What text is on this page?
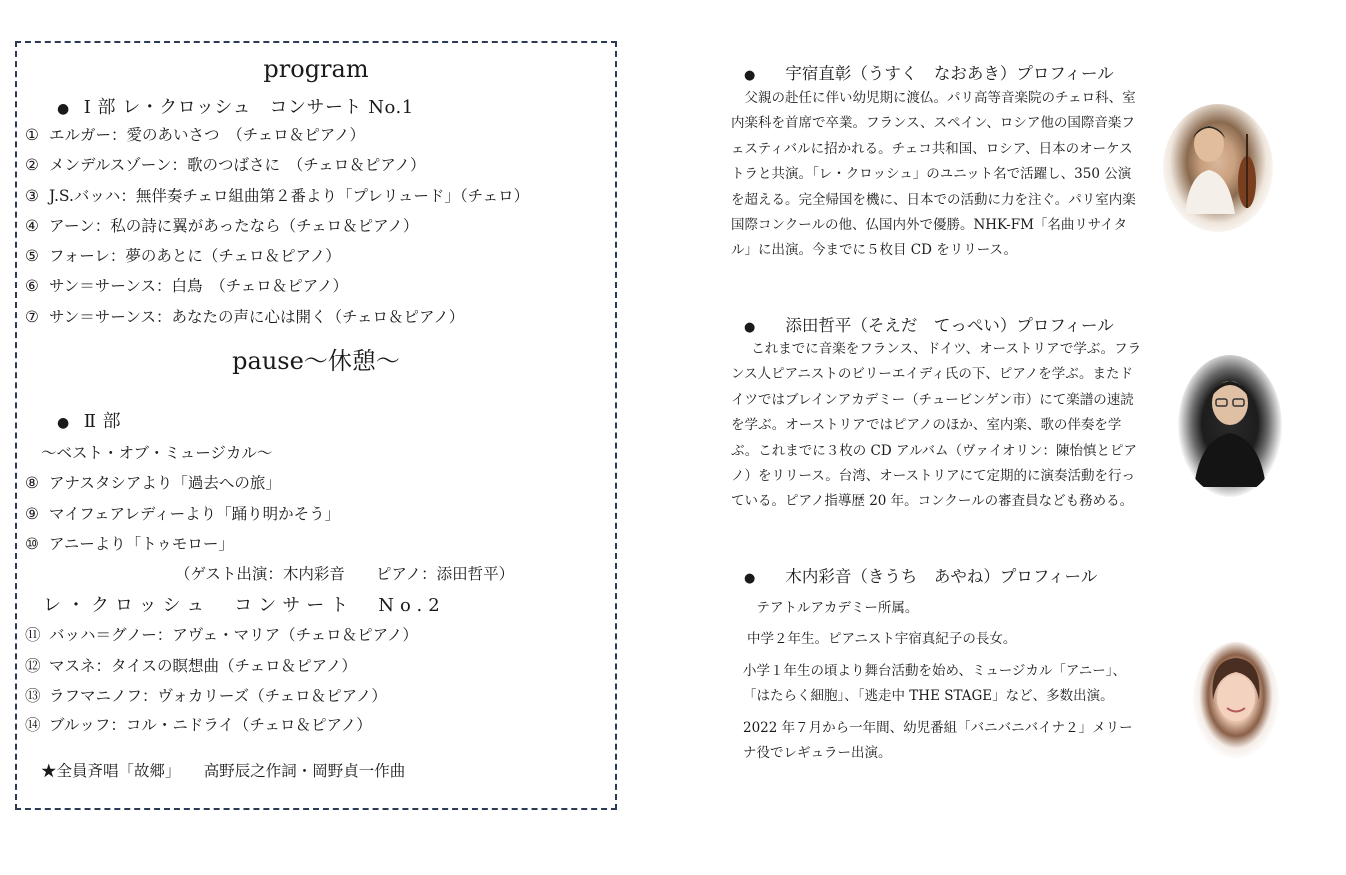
program
● Ⅰ 部 レ・クロッシュ　コンサート No.1
① エルガー：愛のあいさつ　（チェロ＆ピアノ）
② メンデルスゾーン：歌のつばさに　（チェロ＆ピアノ）
③ J.S.バッハ：無伴奏チェロ組曲第２番より「プレリュード」（チェロ）
④ アーン：私の詩に翼があったなら（チェロ＆ピアノ）
⑤ フォーレ：夢のあとに（チェロ＆ピアノ）
⑥ サン＝サーンス：白鳥　（チェロ＆ピアノ）
⑦ サン＝サーンス：あなたの声に心は開く（チェロ＆ピアノ）
pause～休憩～
● Ⅱ 部
～ベスト・オブ・ミュージカル～
⑧ アナスタシアより「過去への旅」
⑨ マイフェアレディーより「踊り明かそう」
⑩ アニーより「トゥモロー」
（ゲスト出演：木内彩音　　ピアノ：添田哲平）
レ・クロッシュ　コンサート　No.2
⑪ バッハ＝グノー：アヴェ・マリア（チェロ＆ピアノ）
⑫ マスネ：タイスの瞑想曲（チェロ＆ピアノ）
⑬ ラフマニノフ：ヴォカリーズ（チェロ＆ピアノ）
⑭ ブルッフ：コル・ニドライ（チェロ＆ピアノ）
★全員斉唱「故郷」　　高野辰之作詞・岡野貞一作曲
● 宇宿直彰（うすく　なおあき）プロフィール

父親の赴任に伴い幼児期に渡仏。パリ高等音楽院のチェロ科、室内楽科を首席で卒業。フランス、スペイン、ロシア他の国際音楽フェスティバルに招かれる。チェコ共和国、ロシア、日本のオーケストラと共演。「レ・クロッシュ」のユニット名で活躍し、350 公演を超える。完全帰国を機に、日本での活動に力を注ぐ。パリ室内楽国際コンクールの他、仏国内外で優勝。NHK-FM「名曲リサイタル」に出演。今までに５枚目 CD をリリース。

● 添田哲平（そえだ　てっぺい）プロフィール

これまでに音楽をフランス、ドイツ、オーストリアで学ぶ。フランス人ピアニストのビリーエイディ氏の下、ピアノを学ぶ。またドイツではブレインアカデミー（チュービンゲン市）にて楽譜の速読を学ぶ。オーストリアではピアノのほか、室内楽、歌の伴奏を学ぶ。これまでに３枚の CD アルバム（ヴァイオリン：陳怡慎とピアノ）をリリース。台湾、オーストリアにて定期的に演奏活動を行っている。ピアノ指導歴 20 年。コンクールの審査員なども務める。

● 木内彩音（きうち　あやね）プロフィール

テアトルアカデミー所属。

中学２年生。ピアニスト宇宿真紀子の長女。

小学１年生の頃より舞台活動を始め、ミュージカル「アニー」、「はたらく細胞」、「逃走中 THE STAGE」など、多数出演。

2022 年７月から一年間、幼児番組「バニバニバイナ２」メリーナ役でレギュラー出演。
